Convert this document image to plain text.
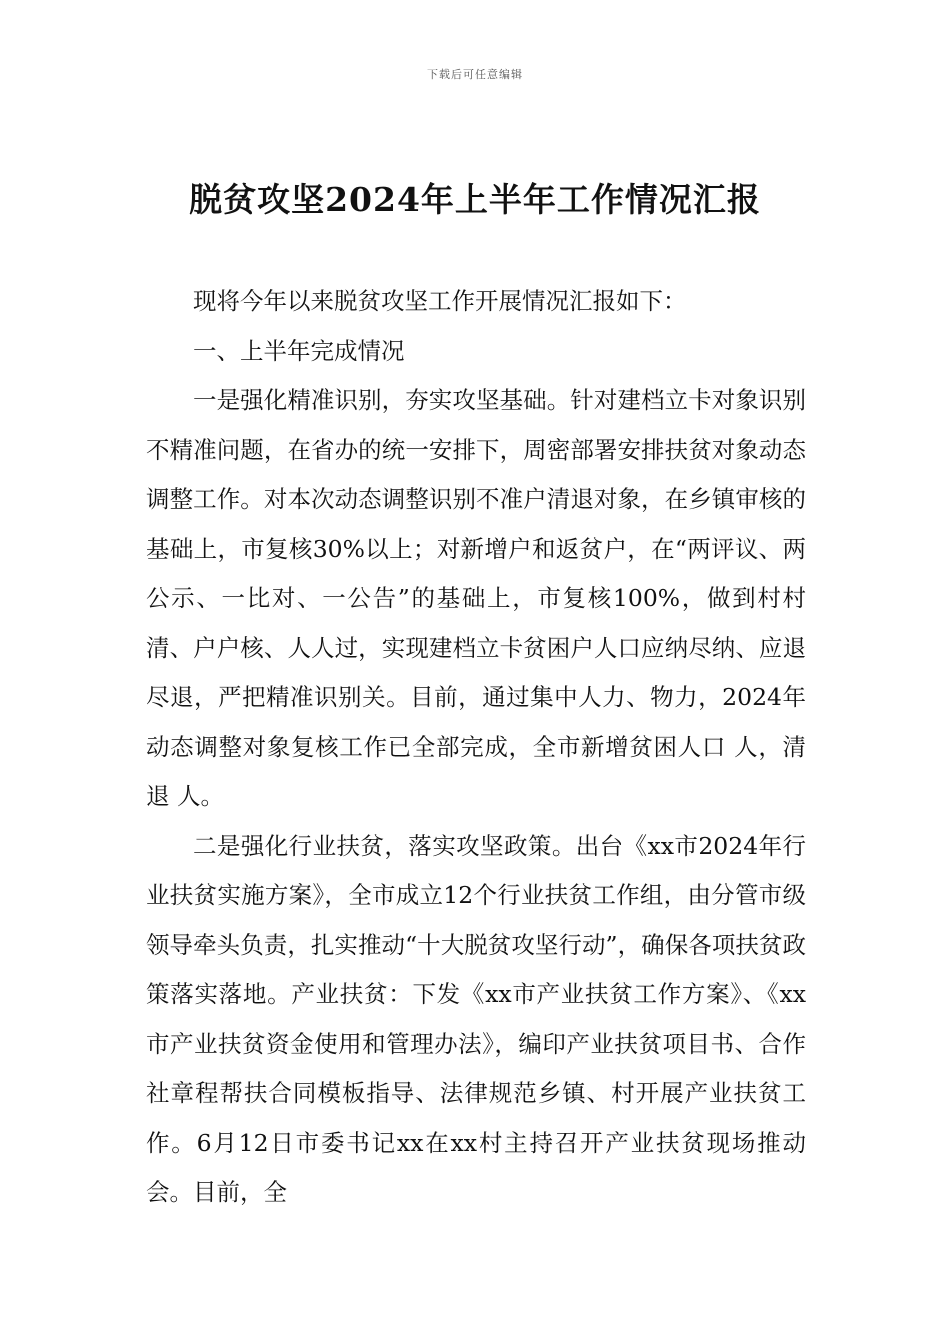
下载后可任意编辑
脱贫攻坚2024年上半年工作情况汇报

现将今年以来脱贫攻坚工作开展情况汇报如下：

一、上半年完成情况

一是强化精准识别，夯实攻坚基础。针对建档立卡对象识别不精准问题，在省办的统一安排下，周密部署安排扶贫对象动态调整工作。对本次动态调整识别不准户清退对象，在乡镇审核的基础上，市复核30%以上；对新增户和返贫户，在“两评议、两公示、一比对、一公告”的基础上，市复核100%，做到村村清、户户核、人人过，实现建档立卡贫困户人口应纳尽纳、应退尽退，严把精准识别关。目前，通过集中人力、物力，2024年动态调整对象复核工作已全部完成，全市新增贫困人口 人，清退 人。

二是强化行业扶贫，落实攻坚政策。出台《xx市2024年行业扶贫实施方案》，全市成立12个行业扶贫工作组，由分管市级领导牵头负责，扎实推动“十大脱贫攻坚行动”，确保各项扶贫政策落实落地。产业扶贫：下发《xx市产业扶贫工作方案》、《xx市产业扶贫资金使用和管理办法》，编印产业扶贫项目书、合作社章程帮扶合同模板指导、法律规范乡镇、村开展产业扶贫工作。6月12日市委书记xx在xx村主持召开产业扶贫现场推动会。目前，全
